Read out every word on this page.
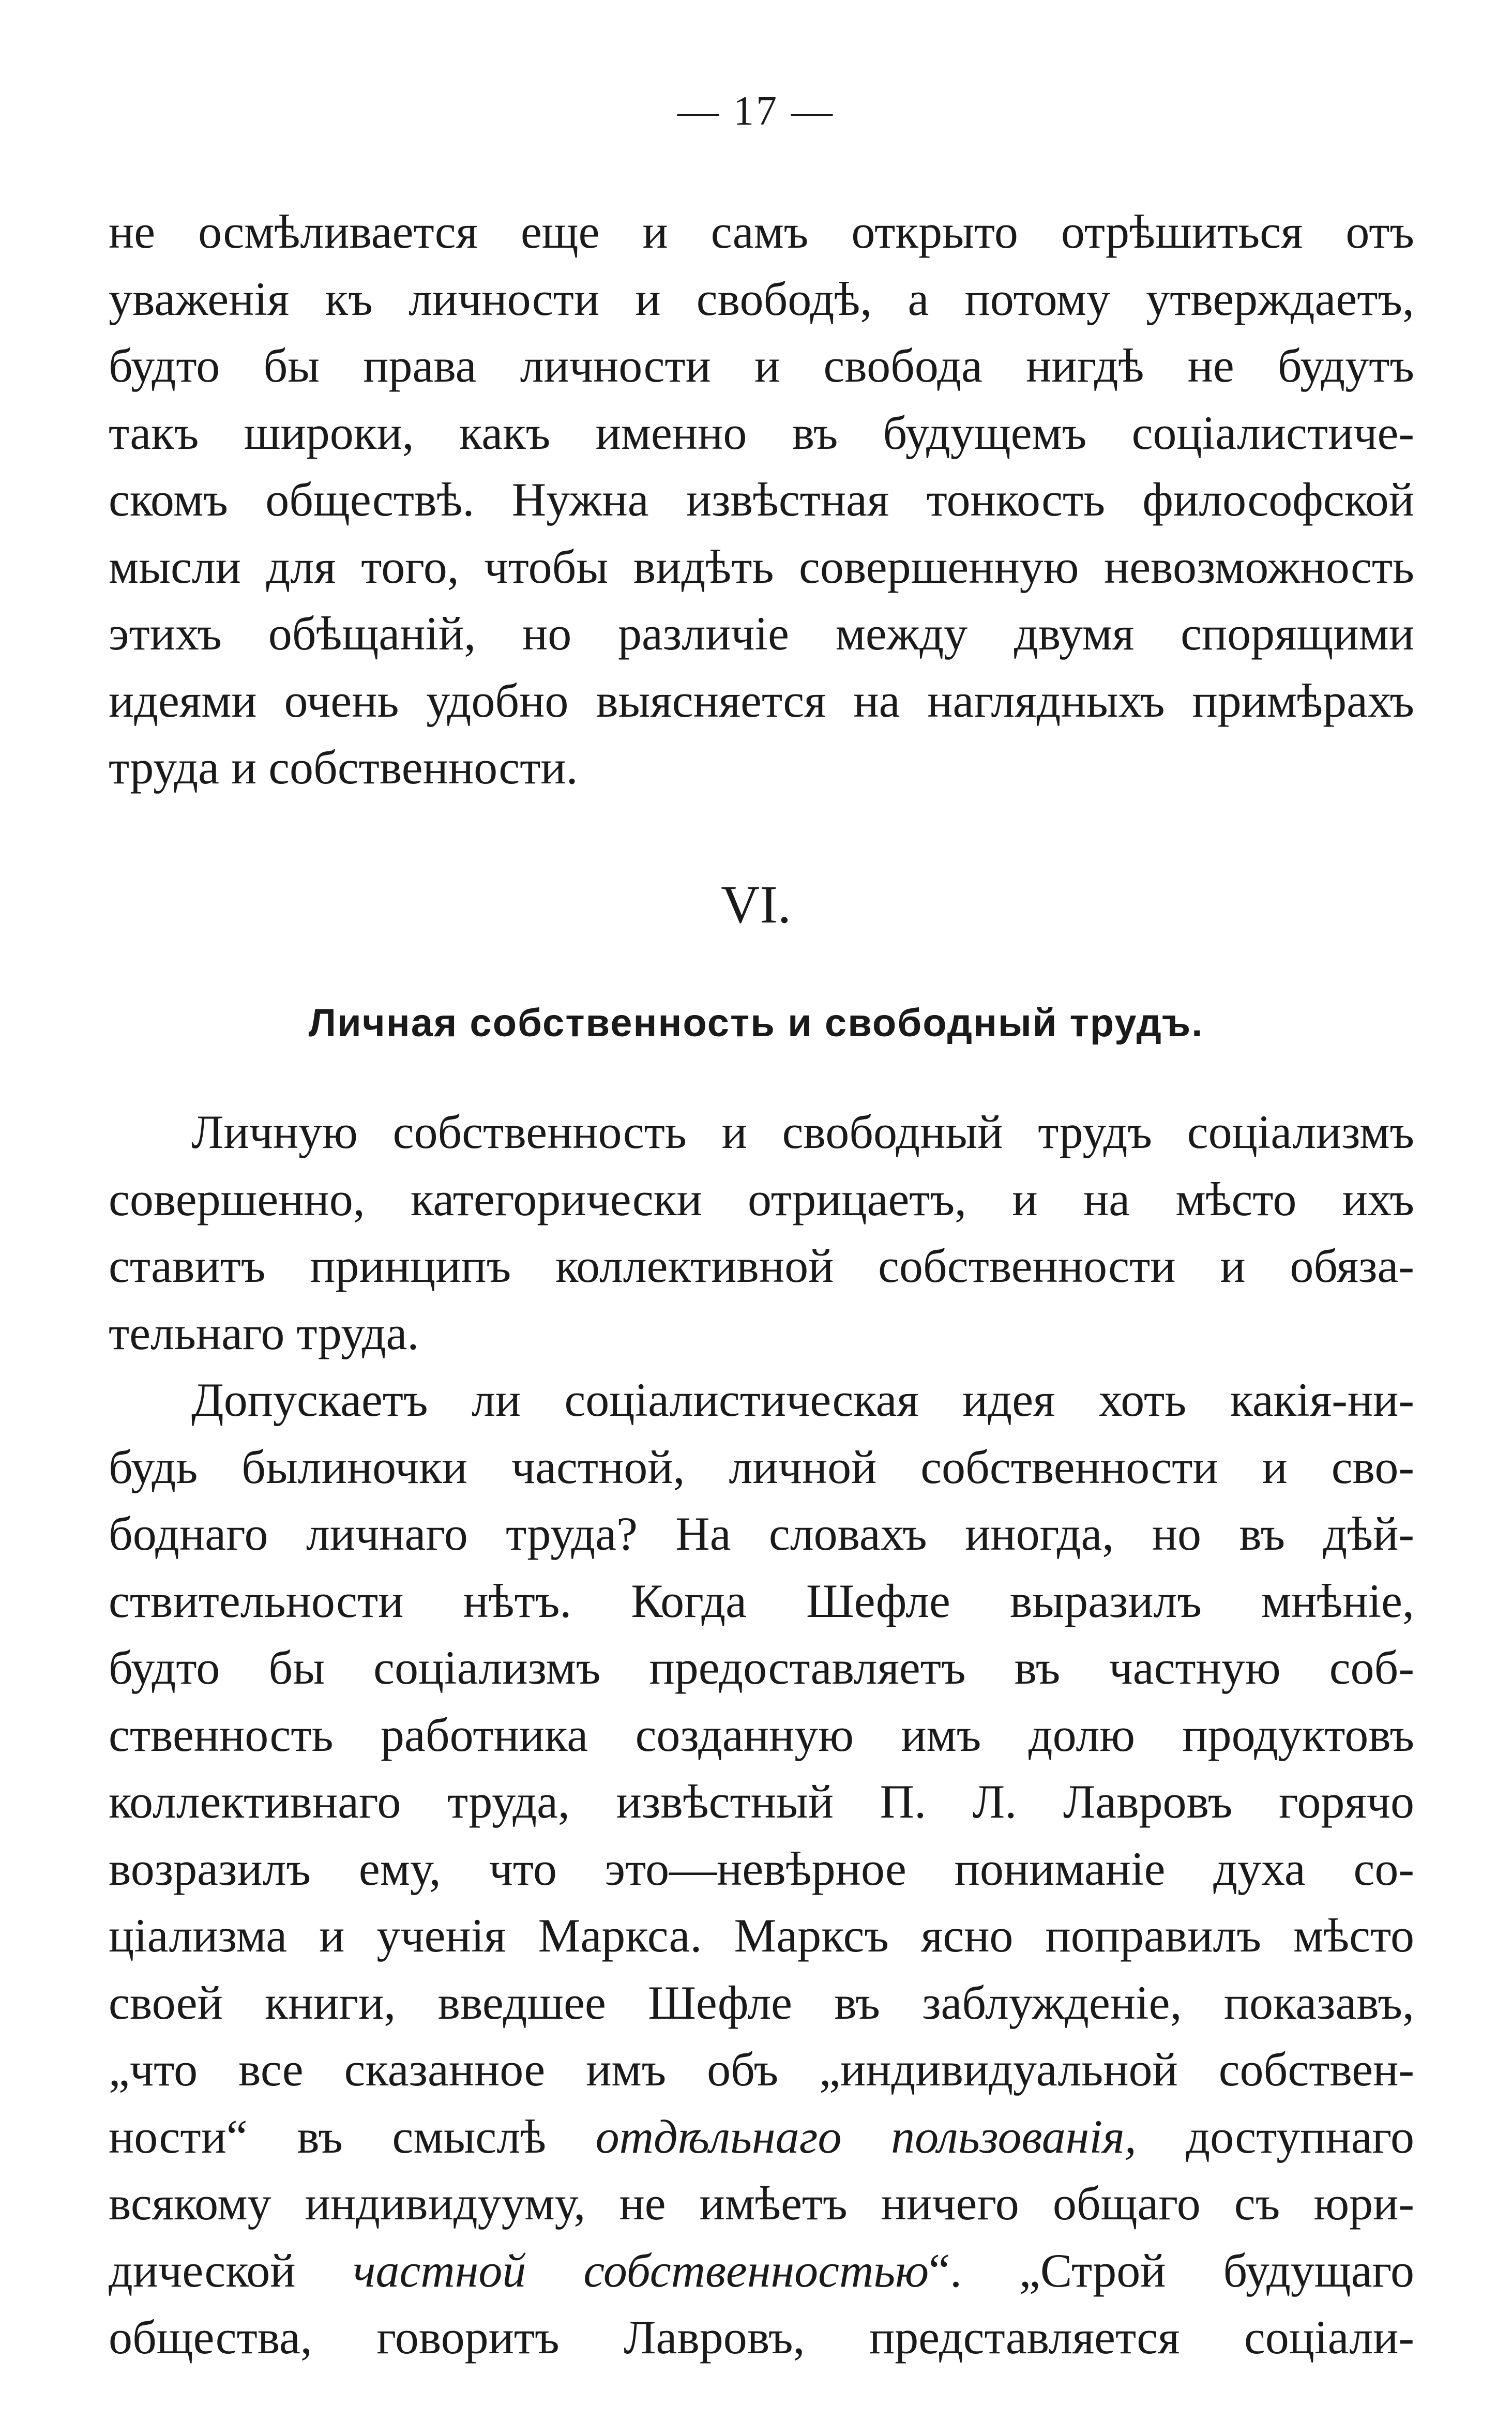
— 17 —
не осмѣливается еще и самъ открыто отрѣшиться отъ
уваженія къ личности и свободѣ, а потому утверждаетъ,
будто бы права личности и свобода нигдѣ не будутъ
такъ широки, какъ именно въ будущемъ соціалистиче-
скомъ обществѣ. Нужна извѣстная тонкость философской
мысли для того, чтобы видѣть совершенную невозможность
этихъ обѣщаній, но различіе между двумя спорящими
идеями очень удобно выясняется на наглядныхъ примѣрахъ
труда и собственности.
VI.
Личная собственность и свободный трудъ.
Личную собственность и свободный трудъ соціализмъ
совершенно, категорически отрицаетъ, и на мѣсто ихъ
ставитъ принципъ коллективной собственности и обяза-
тельнаго труда.
Допускаетъ ли соціалистическая идея хоть какія-ни-
будь былиночки частной, личной собственности и сво-
боднаго личнаго труда? На словахъ иногда, но въ дѣй-
ствительности нѣтъ. Когда Шефле выразилъ мнѣніе,
будто бы соціализмъ предоставляетъ въ частную соб-
ственность работника созданную имъ долю продуктовъ
коллективнаго труда, извѣстный П. Л. Лавровъ горячо
возразилъ ему, что это—невѣрное пониманіе духа со-
ціализма и ученія Маркса. Марксъ ясно поправилъ мѣсто
своей книги, введшее Шефле въ заблужденіе, показавъ,
„что все сказанное имъ объ „индивидуальной собствен-
ности“ въ смыслѣ отдѣльнаго пользованія, доступнаго
всякому индивидууму, не имѣетъ ничего общаго съ юри-
дической частной собственностью“. „Строй будущаго
общества, говоритъ Лавровъ, представляется соціали-
